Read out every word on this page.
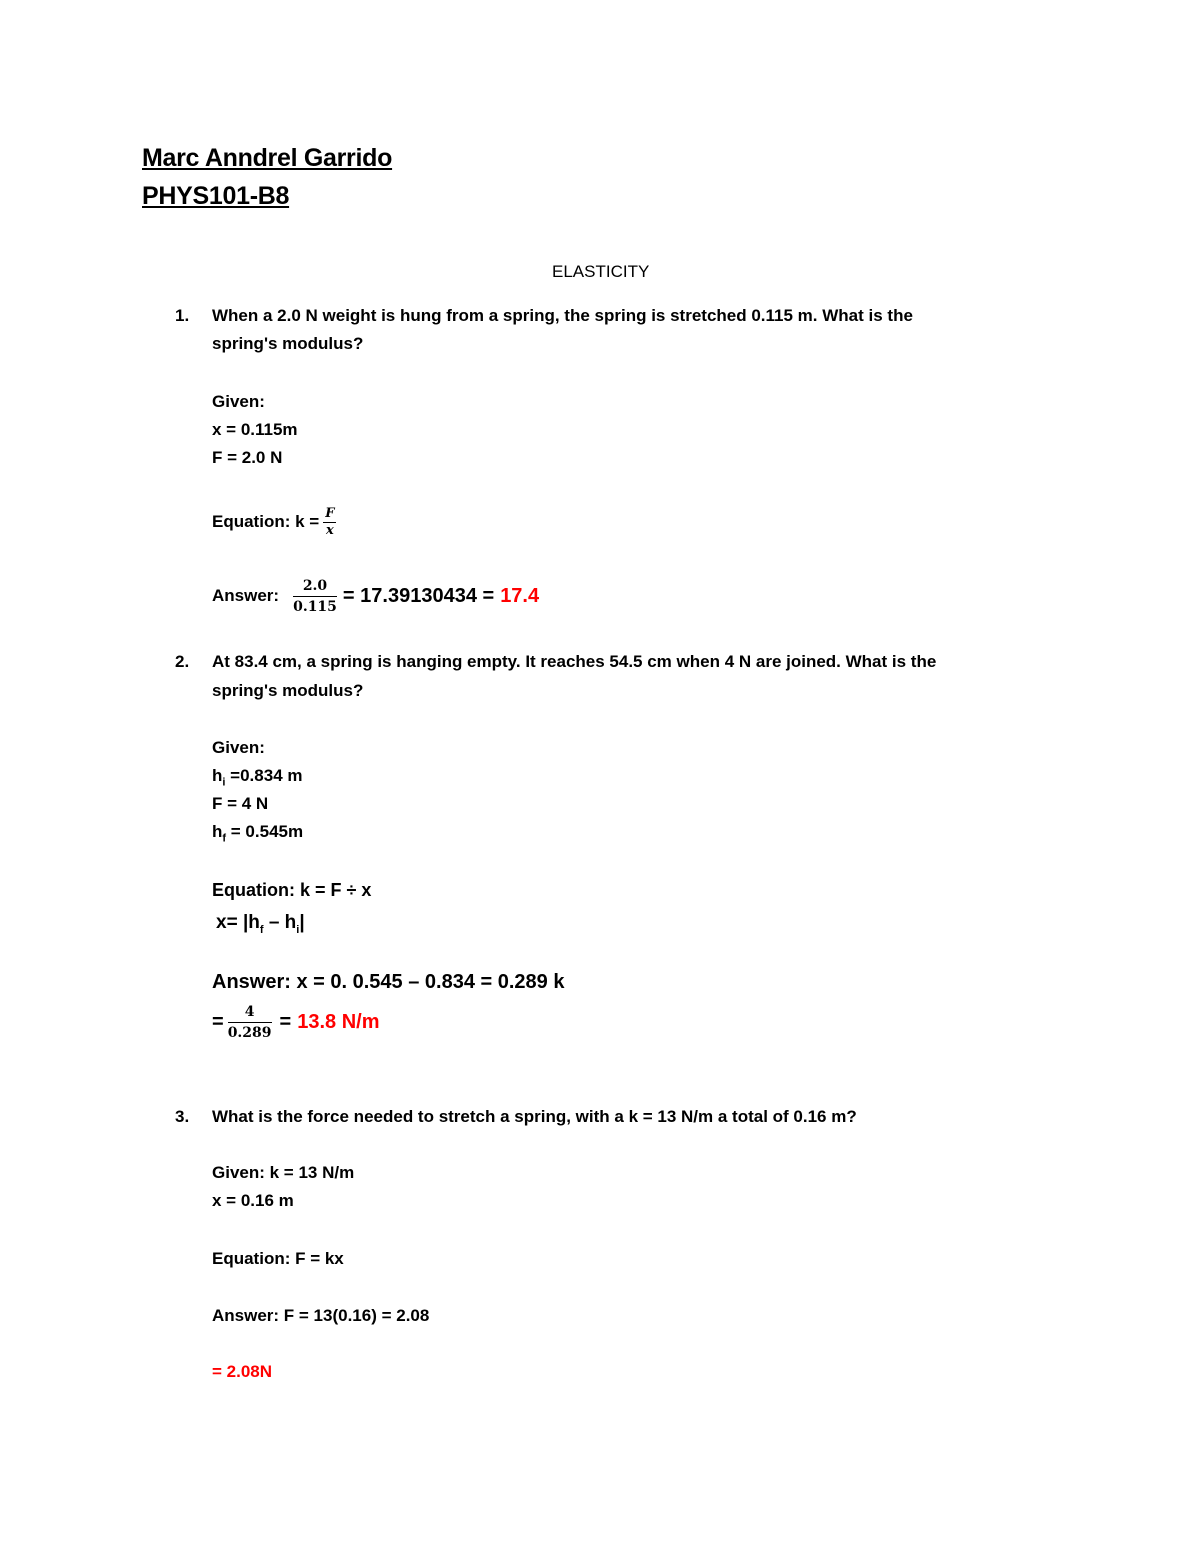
Marc Anndrel Garrido
PHYS101-B8
ELASTICITY
1. When a 2.0 N weight is hung from a spring, the spring is stretched 0.115 m. What is the
spring's modulus?
Given:
x = 0.115m
F = 2.0 N
Equation: $k = \frac{F}{x}$
Answer: $\frac{2.0}{0.115} = 17.39130434 = 17.4$
2. At 83.4 cm, a spring is hanging empty. It reaches 54.5 cm when 4 N are joined. What is the
spring's modulus?
Given:
$h_i =0.834$ m
F = 4 N
$h_f = 0.545m$
Equation: k = F ÷ x
$x= |h_f - h_i|$
Answer: x = 0. 0.545 – 0.834 = 0.289 k
= $\frac{4}{0.289} = 13.8$ N/m
3. What is the force needed to stretch a spring, with a k = 13 N/m a total of 0.16 m?
Given: k = 13 N/m
x = 0.16 m
Equation: F = kx
Answer: F = 13(0.16) = 2.08
= 2.08N
